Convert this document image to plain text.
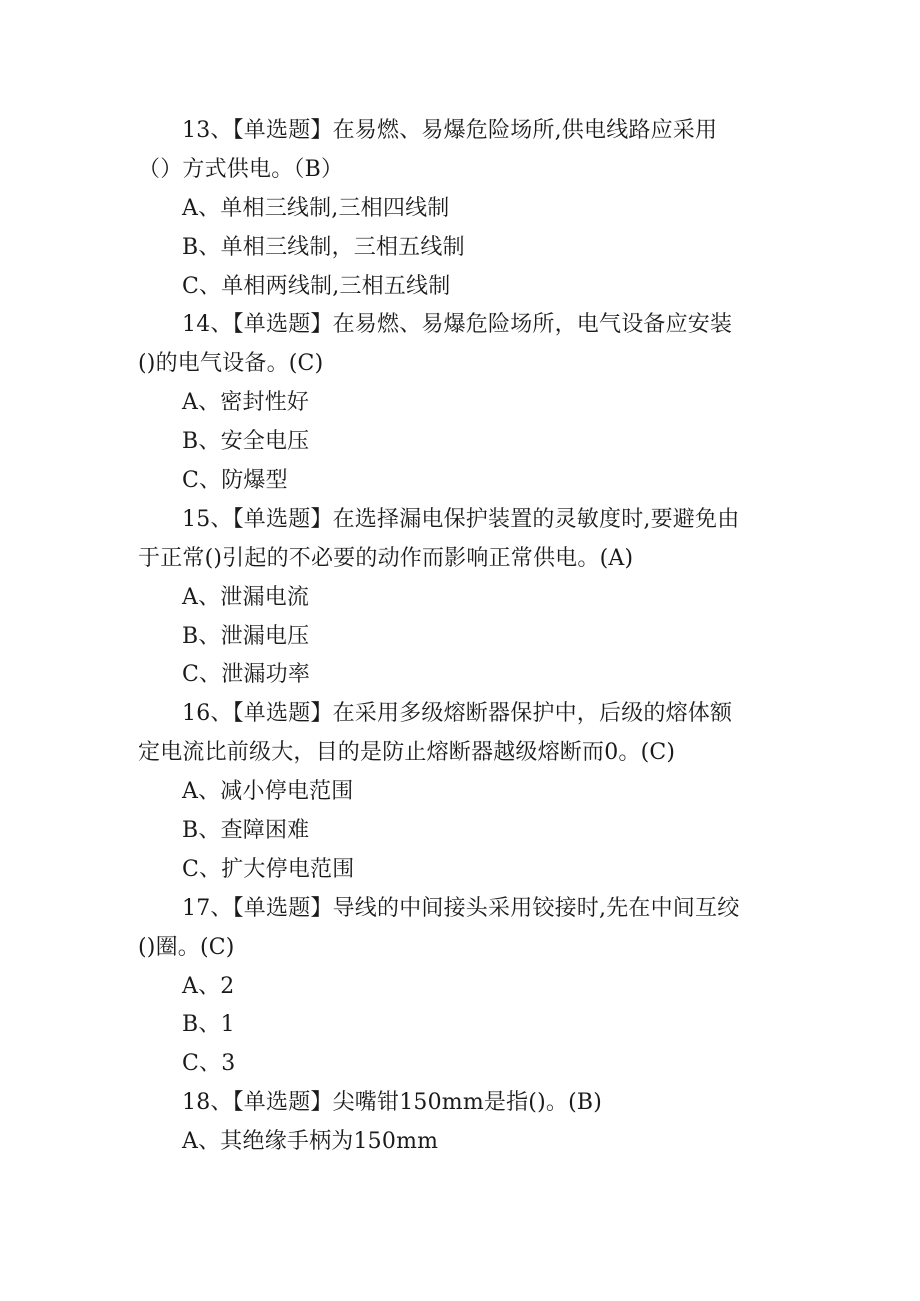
13、【单选题】在易燃、易爆危险场所,供电线路应采用
（）方式供电。（B）
A、单相三线制,三相四线制
B、单相三线制，三相五线制
C、单相两线制,三相五线制
14、【单选题】在易燃、易爆危险场所，电气设备应安装
()的电气设备。(C)
A、密封性好
B、安全电压
C、防爆型
15、【单选题】在选择漏电保护装置的灵敏度时,要避免由
于正常()引起的不必要的动作而影响正常供电。(A)
A、泄漏电流
B、泄漏电压
C、泄漏功率
16、【单选题】在采用多级熔断器保护中，后级的熔体额
定电流比前级大，目的是防止熔断器越级熔断而0。(C)
A、减小停电范围
B、查障困难
C、扩大停电范围
17、【单选题】导线的中间接头采用铰接时,先在中间互绞
()圈。(C)
A、2
B、1
C、3
18、【单选题】尖嘴钳150mm是指()。(B)
A、其绝缘手柄为150mm
